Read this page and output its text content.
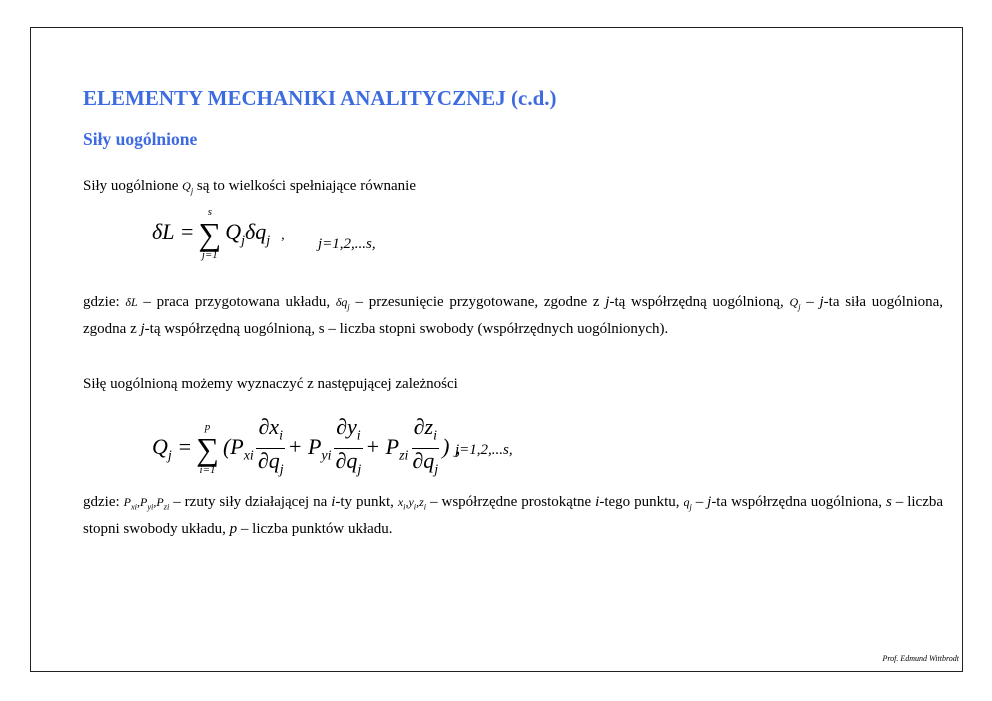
ELEMENTY MECHANIKI ANALITYCZNEJ (c.d.)
Siły uogólnione

Siły uogólnione $Q_j$ są to wielkości spełniające równanie

δL =
s
∑
j=1
$Q_j\delta q_j$ ,
j=1,2,...s,

gdzie: δL – praca przygotowana układu, $\delta q_j$ – przesunięcie przygotowane, zgodne z j-tą współrzędną uogólnioną, $Q_j - j-ta$ siła uogólniona, zgodna z j-tą współrzędną uogólnioną, s – liczba stopni swobody (współrzędnych uogólnionych).

Siłę uogólnioną możemy wyznaczyć z następującej zależności

$Q_j$ =
p
∑
i=1
($P_{xi} \frac{\partial x_i}{\partial q_j} + P_{yi} \frac{\partial y_i}{\partial q_j} + P_{zi} \frac{\partial z_i}{\partial q_j}$ ) ,
j=1,2,...s,

gdzie: $P_{xi},P_{yi},P_{zi}$ – rzuty siły działającej na i-ty punkt, $x_i,y_i,z_i$ – współrzędne prostokątne i-tego punktu, $q_j - j-ta$ współrzędna uogólniona, s – liczba stopni swobody układu, p – liczba punktów układu.

Prof. Edmund Wittbrodt
